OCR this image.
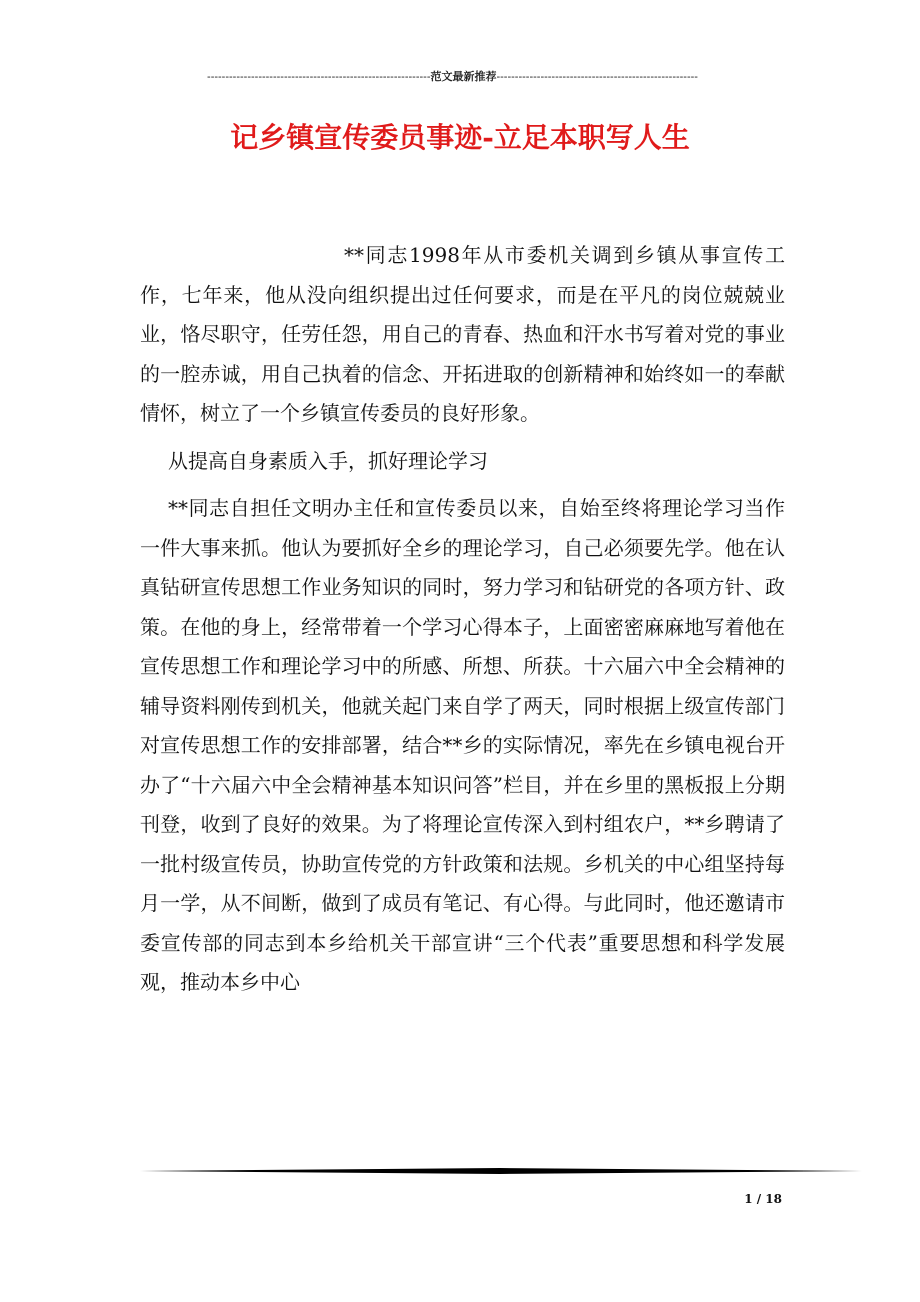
-------------------------------------------------------------范文最新推荐-------------------------------------------------------
记乡镇宣传委员事迹-立足本职写人生

**同志1998年从市委机关调到乡镇从事宣传工作，七年来，他从没向组织提出过任何要求，而是在平凡的岗位兢兢业业，恪尽职守，任劳任怨，用自己的青春、热血和汗水书写着对党的事业的一腔赤诚，用自己执着的信念、开拓进取的创新精神和始终如一的奉献情怀，树立了一个乡镇宣传委员的良好形象。

从提高自身素质入手，抓好理论学习

**同志自担任文明办主任和宣传委员以来，自始至终将理论学习当作一件大事来抓。他认为要抓好全乡的理论学习，自己必须要先学。他在认真钻研宣传思想工作业务知识的同时，努力学习和钻研党的各项方针、政策。在他的身上，经常带着一个学习心得本子，上面密密麻麻地写着他在宣传思想工作和理论学习中的所感、所想、所获。十六届六中全会精神的辅导资料刚传到机关，他就关起门来自学了两天，同时根据上级宣传部门对宣传思想工作的安排部署，结合**乡的实际情况，率先在乡镇电视台开办了“十六届六中全会精神基本知识问答”栏目，并在乡里的黑板报上分期刊登，收到了良好的效果。为了将理论宣传深入到村组农户，**乡聘请了一批村级宣传员，协助宣传党的方针政策和法规。乡机关的中心组坚持每月一学，从不间断，做到了成员有笔记、有心得。与此同时，他还邀请市委宣传部的同志到本乡给机关干部宣讲“三个代表”重要思想和科学发展观，推动本乡中心

1 / 18
